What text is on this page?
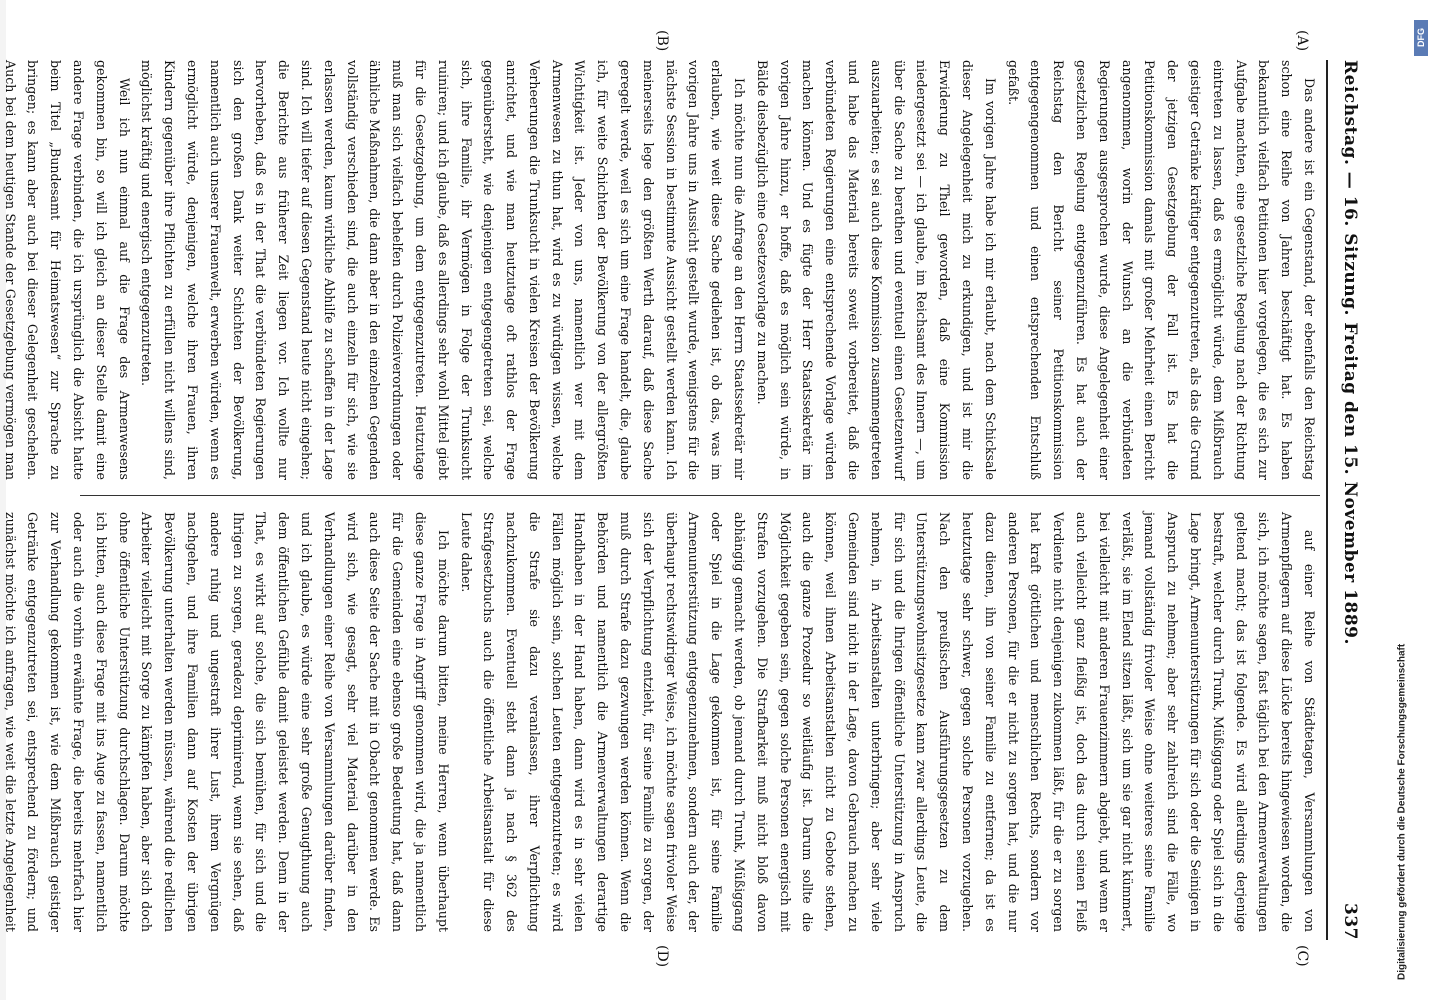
Reichstag. — 16. Sitzung. Freitag den 15. November 1889.
337
(A)
(B)
(C)
(D)

Das andere ist ein Gegenstand, der ebenfalls den Reichstag schon eine Reihe von Jahren beschäftigt hat. Es haben bekanntlich vielfach Petitionen hier vorgelegen, die es sich zur Aufgabe machten, eine gesetzliche Regelung nach der Richtung eintreten zu lassen, daß es ermöglicht würde, dem Mißbrauch geistiger Getränke kräftiger entgegenzutreten, als das die Grund der jetzigen Gesetzgebung der Fall ist. Es hat die Petitionskommission damals mit großer Mehrheit einen Bericht angenommen, worin der Wunsch an die verbündeten Regierungen ausgesprochen wurde, diese Angelegenheit einer gesetzlichen Regelung entgegenzuführen. Es hat auch der Reichstag den Bericht seiner Petitionskommission entgegengenommen und einen entsprechenden Entschluß gefaßt.

Im vorigen Jahre habe ich mir erlaubt, nach dem Schicksale dieser Angelegenheit mich zu erkundigen, und ist mir die Erwiderung zu Theil geworden, daß eine Kommission niedergesetzt sei — ich glaube, im Reichsamt des Innern —, um über die Sache zu berathen und eventuell einen Gesetzentwurf auszuarbeiten; es sei auch diese Kommission zusammengetreten und habe das Material bereits soweit vorbereitet, daß die verbündeten Regierungen eine entsprechende Vorlage würden machen können. Und es fügte der Herr Staatssekretär im vorigen Jahre hinzu, er hoffe, daß es möglich sein würde, in Bälde diesbezüglich eine Gesetzesvorlage zu machen.

Ich möchte nun die Anfrage an den Herrn Staatssekretär mir erlauben, wie weit diese Sache gediehen ist, ob das, was im vorigen Jahre uns in Aussicht gestellt wurde, wenigstens für die nächste Session in bestimmte Aussicht gestellt werden kann. Ich meinerseits lege den größten Werth darauf, daß diese Sache geregelt werde, weil es sich um eine Frage handelt, die, glaube ich, für weite Schichten der Bevölkerung von der allergrößten Wichtigkeit ist. Jeder von uns, namentlich wer mit dem Armenwesen zu thun hat, wird es zu würdigen wissen, welche Verheerungen die Trunksucht in vielen Kreisen der Bevölkerung anrichtet, und wie man heutzutage oft rathlos der Frage gegenübersteht, wie denjenigen entgegengetreten sei, welche sich, ihre Familie, ihr Vermögen in Folge der Trunksucht ruiniren; und ich glaube, daß es allerdings sehr wohl Mittel giebt für die Gesetzgebung, um dem entgegenzutreten. Heutzutage muß man sich vielfach behelfen durch Polizeiverordnungen oder ähnliche Maßnahmen, die dann aber in den einzelnen Gegenden vollständig verschieden sind, die auch einzeln für sich, wie sie erlassen werden, kaum wirkliche Abhilfe zu schaffen in der Lage sind. Ich will tiefer auf diesen Gegenstand heute nicht eingehen; die Berichte aus früherer Zeit liegen vor. Ich wollte nur hervorheben, daß es in der That die verbündeten Regierungen sich den großen Dank weiter Schichten der Bevölkerung, namentlich auch unserer Frauenwelt, erwerben würden, wenn es ermöglicht würde, denjenigen, welche ihren Frauen, ihren Kindern gegenüber ihre Pflichten zu erfüllen nicht willens sind, möglichst kräftig und energisch entgegenzutreten.

Weil ich nun einmal auf die Frage des Armenwesens gekommen bin, so will ich gleich an dieser Stelle damit eine andere Frage verbinden, die ich ursprünglich die Absicht hatte beim Titel „Bundesamt für Heimatswesen“ zur Sprache zu bringen; es kann aber auch bei dieser Gelegenheit geschehen. Auch bei dem heutigen Stande der Gesetzgebung vermögen man

auf einer Reihe von Städtetagen, Versammlungen von Armenpflegern auf diese Lücke bereits hingewiesen worden, die sich, ich möchte sagen, fast täglich bei den Armenverwaltungen geltend macht; das ist folgende. Es wird allerdings derjenige bestraft, welcher durch Trunk, Müßiggang oder Spiel sich in die Lage bringt, Armenunterstützungen für sich oder die Seinigen in Anspruch zu nehmen; aber sehr zahlreich sind die Fälle, wo jemand vollständig frivoler Weise ohne weiteres seine Familie verläßt, sie im Elend sitzen läßt, sich um sie gar nicht kümmert, bei vielleicht mit anderen Frauenzimmern abgiebt, und wenn er auch vielleicht ganz fleißig ist, doch das durch seinen Fleiß Verdiente nicht denjenigen zukommen läßt, für die er zu sorgen hat kraft göttlichen und menschlichen Rechts, sondern vor anderen Personen, für die er nicht zu sorgen hat, und die nur dazu dienen, ihn von seiner Familie zu entfernen; da ist es heutzutage sehr schwer, gegen solche Personen vorzugehen. Nach den preußischen Ausführungsgesetzen zu dem Unterstützungswohnsitzgesetze kann zwar allerdings Leute, die für sich und die Ihrigen öffentliche Unterstützung in Anspruch nehmen, in Arbeitsanstalten unterbringen; aber sehr viele Gemeinden sind nicht in der Lage, davon Gebrauch machen zu können, weil ihnen Arbeitsanstalten nicht zu Gebote stehen, auch die ganze Prozedur so weitläufig ist. Darum sollte die Möglichkeit gegeben sein, gegen solche Personen energisch mit Strafen vorzugehen. Die Strafbarkeit muß nicht bloß davon abhängig gemacht werden, ob jemand durch Trunk, Müßiggang oder Spiel in die Lage gekommen ist, für seine Familie Armenunterstützung entgegenzunehmen, sondern auch der, der überhaupt rechtswidriger Weise, ich möchte sagen frivoler Weise sich der Verpflichtung entzieht, für seine Familie zu sorgen, der muß durch Strafe dazu gezwungen werden können. Wenn die Behörden und namentlich die Armenverwaltungen derartige Handhaben in der Hand haben, dann wird es in sehr vielen Fällen möglich sein, solchen Leuten entgegenzutreten; es wird die Strafe sie dazu veranlassen, ihrer Verpflichtung nachzukommen. Eventuell steht dann ja nach § 362 des Strafgesetzbuchs auch die öffentliche Arbeitsanstalt für diese Leute daher.

Ich möchte darum bitten, meine Herren, wenn überhaupt diese ganze Frage in Angriff genommen wird, die ja namentlich für die Gemeinden eine ebenso große Bedeutung hat, daß dann auch diese Seite der Sache mit in Obacht genommen werde. Es wird sich, wie gesagt, sehr viel Material darüber in den Verhandlungen einer Reihe von Versammlungen darüber finden, und ich glaube, es würde eine sehr große Genugthuung auch dem öffentlichen Gefühle damit geleistet werden. Denn in der That, es wirkt auf solche, die sich bemühen, für sich und die Ihrigen zu sorgen, geradezu deprimirend, wenn sie sehen, daß andere ruhig und ungestraft ihrer Lust, ihrem Vergnügen nachgehen, und ihre Familien dann auf Kosten der übrigen Bevölkerung unterhalten werden müssen, während die redlichen Arbeiter vielleicht mit Sorge zu kämpfen haben, aber sich doch ohne öffentliche Unterstützung durchschlagen. Darum möchte ich bitten, auch diese Frage mit ins Auge zu fassen, namentlich oder auch die vorhin erwähnte Frage, die bereits mehrfach hier zur Verhandlung gekommen ist, wie dem Mißbrauch geistiger Getränke entgegenzutreten sei, entsprechend zu fördern; und zunächst möchte ich anfragen, wie weit die letzte Angelegenheit	Digitalisierung gefördert durch die Deutsche Forschungsgemeinschaft
DFG
